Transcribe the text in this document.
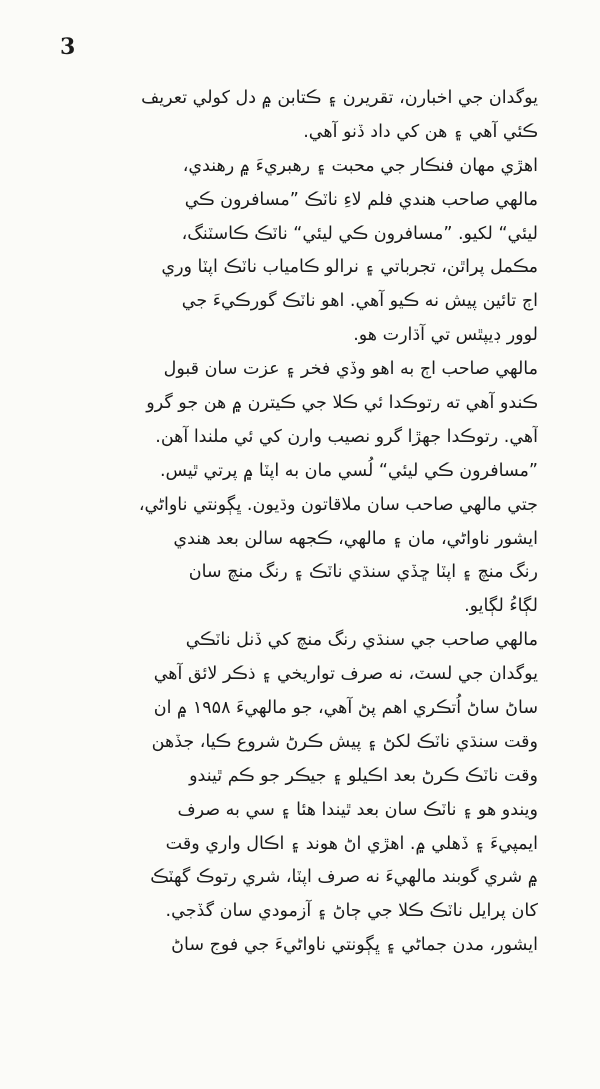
3
يوگدان جي اخبارن، تقريرن ۽ ڪتابن ۾ دل کولي تعريف
ڪئي آهي ۽ هن کي داد ڏنو آهي.
اهڙي مهان فنڪار جي محبت ۽ رهبريءَ ۾ رهندي،
مالهي صاحب هندي فلم لاءِ ناٽڪ ”مسافرون ڪي
ليئي“ لکيو. ”مسافرون ڪي ليئي“ ناٽڪ ڪاسٽنگ،
مڪمل پراٿن، تجرباتي ۽ نرالو ڪامياب ناٽڪ اپٽا وري
اڄ تائين پيش نه ڪيو آهي. اهو ناٽڪ گورڪيءَ جي
لوور ڊيپٿس تي آڌارت هو.
مالهي صاحب اڄ به اهو وڏي فخر ۽ عزت سان قبول
ڪندو آهي ته رتوڪدا ئي ڪلا جي ڪيترن ۾ هن جو گرو
آهي. رتوڪدا جهڙا گرو نصيب وارن کي ئي ملندا آهن.
”مسافرون ڪي ليئي“ لُسي مان به اپٽا ۾ پرتي ٿيس.
جتي مالهي صاحب سان ملاقاتون وڌيون. ڀڳونتي ناواڻي،
ايشور ناواڻي، مان ۽ مالهي، ڪجهه سالن بعد هندي
رنگ منچ ۽ اپٽا ڇڏي سنڌي ناٽڪ ۽ رنگ منچ سان
لڳاءُ لڳايو.
مالهي صاحب جي سنڌي رنگ منچ کي ڏنل ناٽڪي
يوگدان جي لسٽ، نه صرف تواريخي ۽ ذڪر لائق آهي
ساڻ ساڻ اُتڪري اهم پڻ آهي، جو مالهيءَ ۱۹۵۸ ۾ ان
وقت سنڌي ناٽڪ لکڻ ۽ پيش ڪرڻ شروع ڪيا، جڏهن
وقت ناٽڪ ڪرڻ بعد اڪيلو ۽ جيڪر جو ڪم ٿيندو
ويندو هو ۽ ناٽڪ سان بعد ٿيندا هئا ۽ سي به صرف
ايمپيءَ ۽ ڏهلي ۾. اهڙي اڻ هوند ۽ اڪال واري وقت
۾ شري گوبند مالهيءَ نه صرف اپٽا، شري رتوڪ گهٽڪ
کان پرايل ناٽڪ ڪلا جي ڄاڻ ۽ آزمودي سان گڏجي.
ايشور، مدن جماڻي ۽ ڀڳونتي ناواڻيءَ جي فوج ساڻ
